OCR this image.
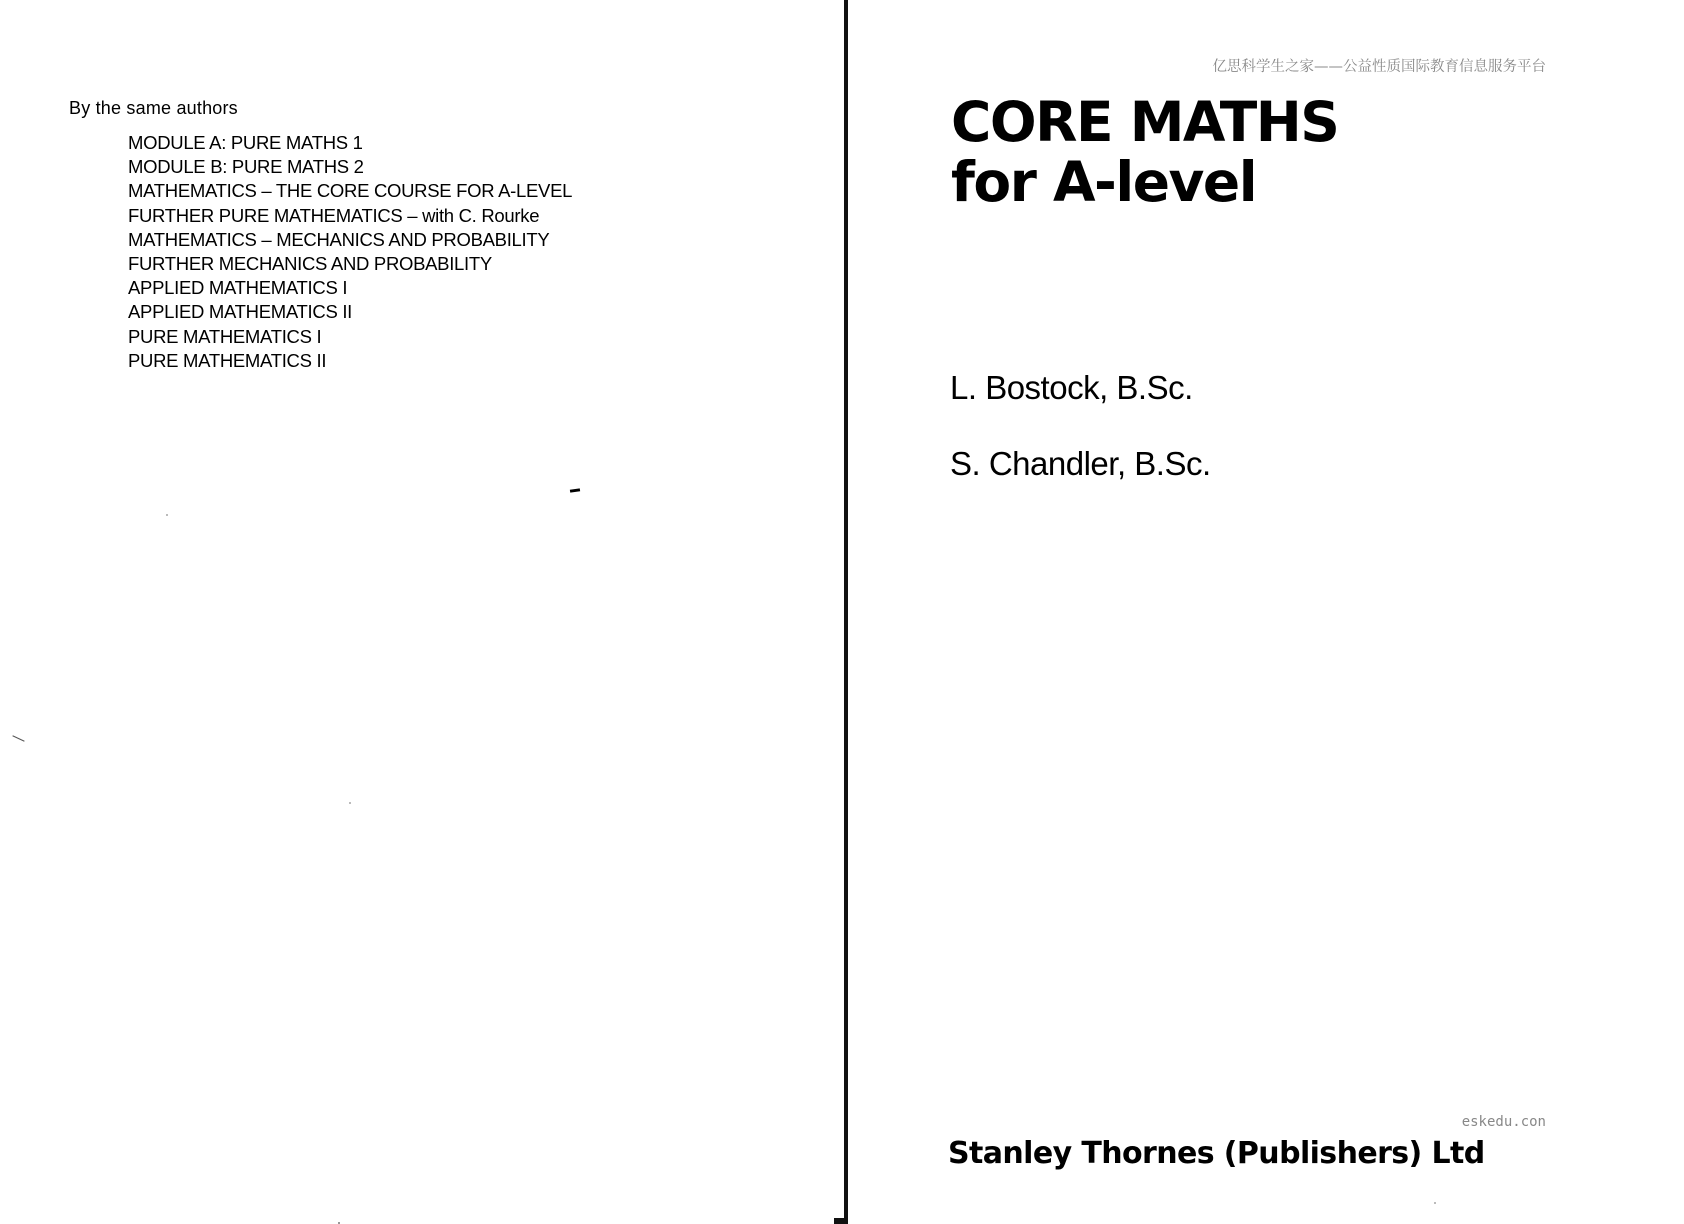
By the same authors
MODULE A: PURE MATHS 1
MODULE B: PURE MATHS 2
MATHEMATICS – THE CORE COURSE FOR A-LEVEL
FURTHER PURE MATHEMATICS – with C. Rourke
MATHEMATICS – MECHANICS AND PROBABILITY
FURTHER MECHANICS AND PROBABILITY
APPLIED MATHEMATICS I
APPLIED MATHEMATICS II
PURE MATHEMATICS I
PURE MATHEMATICS II
亿思科学生之家——公益性质国际教育信息服务平台
CORE MATHS
for A-level
L. Bostock, B.Sc.
S. Chandler, B.Sc.
eskedu.con
Stanley Thornes (Publishers) Ltd
